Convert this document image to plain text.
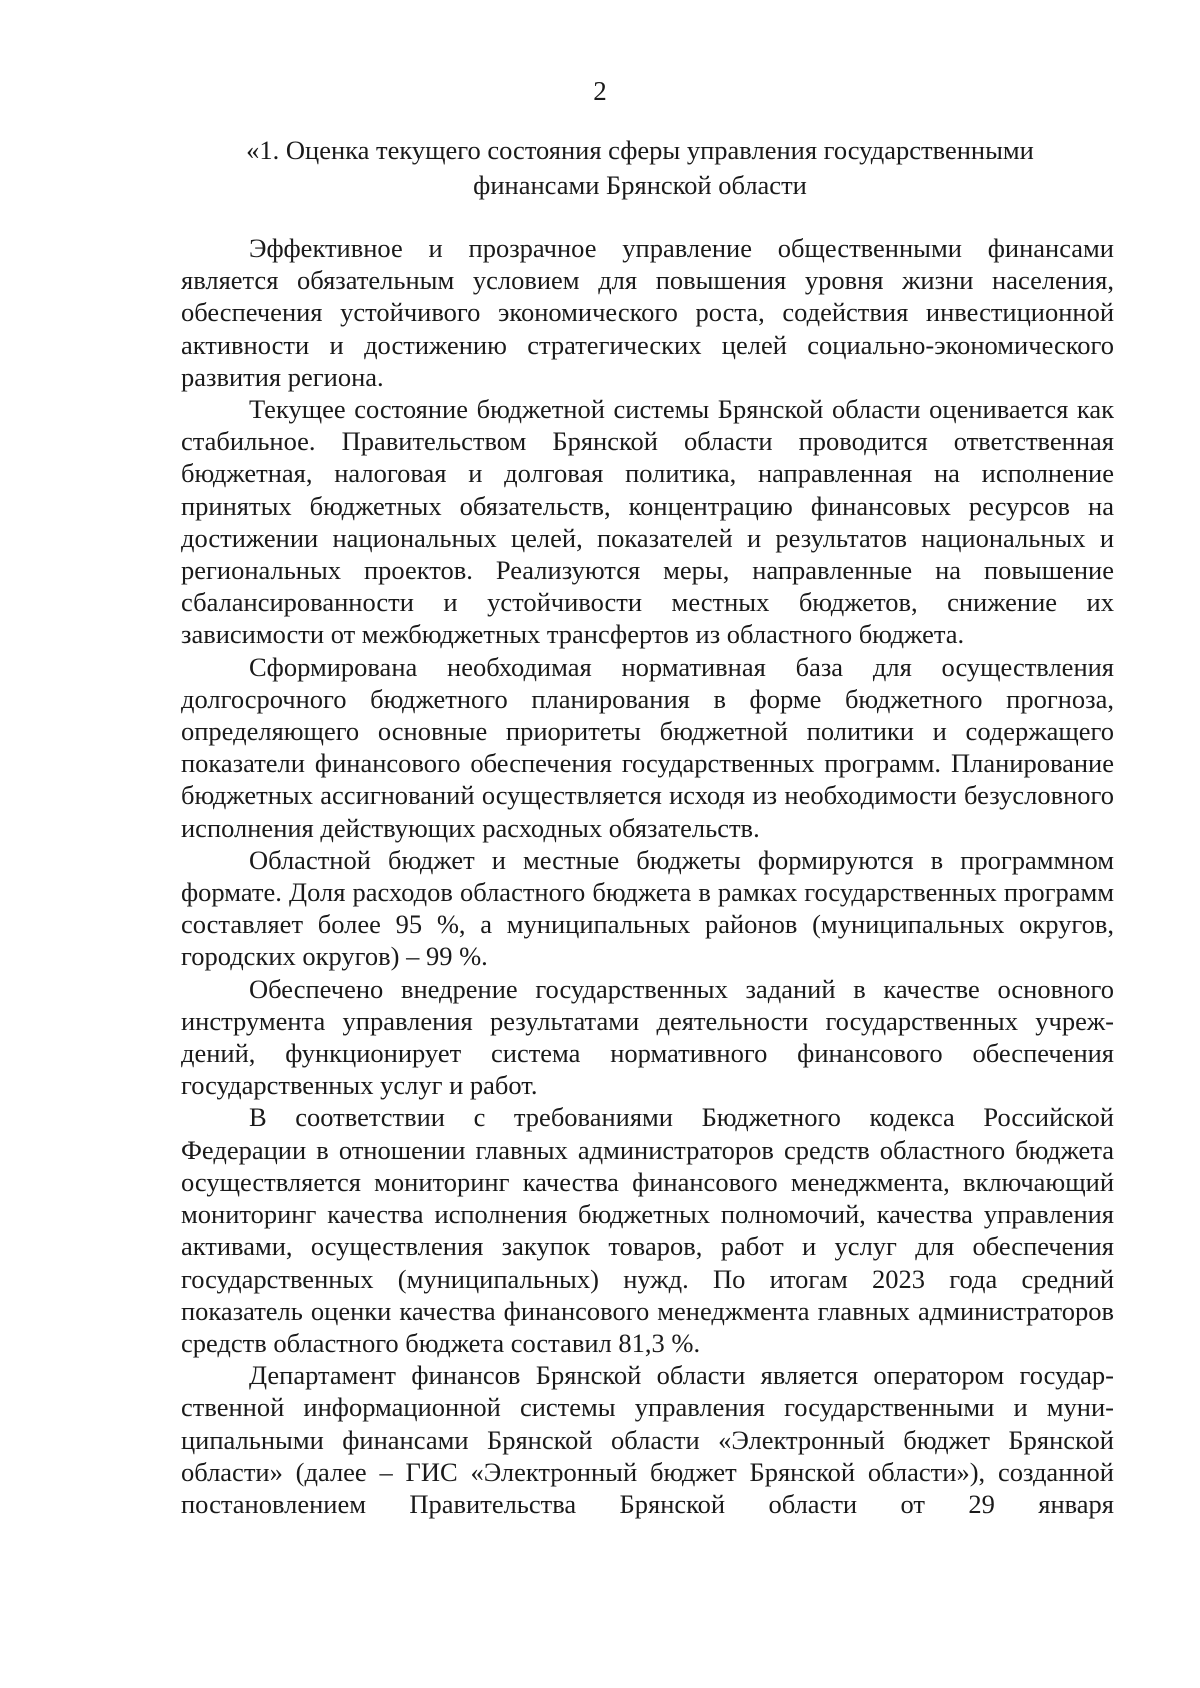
2
«1. Оценка текущего состояния сферы управления государственными финансами Брянской области

Эффективное и прозрачное управление общественными финансами является обязательным условием для повышения уровня жизни населения, обеспечения устойчивого экономического роста, содействия инвестиционной активности и достижению стратегических целей социально-экономического развития региона.

Текущее состояние бюджетной системы Брянской области оценивается как стабильное. Правительством Брянской области проводится ответственная бюджетная, налоговая и долговая политика, направленная на исполнение принятых бюджетных обязательств, концентрацию финансовых ресурсов на достижении национальных целей, показателей и результатов национальных и региональных проектов. Реализуются меры, направленные на повышение сбалансированности и устойчивости местных бюджетов, снижение их зависимости от межбюджетных трансфертов из областного бюджета.

Сформирована необходимая нормативная база для осуществления долгосрочного бюджетного планирования в форме бюджетного прогноза, определяющего основные приоритеты бюджетной политики и содержащего показатели финансового обеспечения государственных программ. Планирование бюджетных ассигнований осуществляется исходя из необходимости безусловного исполнения действующих расходных обязательств.

Областной бюджет и местные бюджеты формируются в программном формате. Доля расходов областного бюджета в рамках государственных программ составляет более 95 %, а муниципальных районов (муниципальных округов, городских округов) – 99 %.

Обеспечено внедрение государственных заданий в качестве основного инструмента управления результатами деятельности государственных учреждений, функционирует система нормативного финансового обеспечения государственных услуг и работ.

В соответствии с требованиями Бюджетного кодекса Российской Федерации в отношении главных администраторов средств областного бюджета осуществляется мониторинг качества финансового менеджмента, включающий мониторинг качества исполнения бюджетных полномочий, качества управления активами, осуществления закупок товаров, работ и услуг для обеспечения государственных (муниципальных) нужд. По итогам 2023 года средний показатель оценки качества финансового менеджмента главных администраторов средств областного бюджета составил 81,3 %.

Департамент финансов Брянской области является оператором государственной информационной системы управления государственными и муниципальными финансами Брянской области «Электронный бюджет Брянской области» (далее – ГИС «Электронный бюджет Брянской области»), созданной постановлением Правительства Брянской области от 29 января
